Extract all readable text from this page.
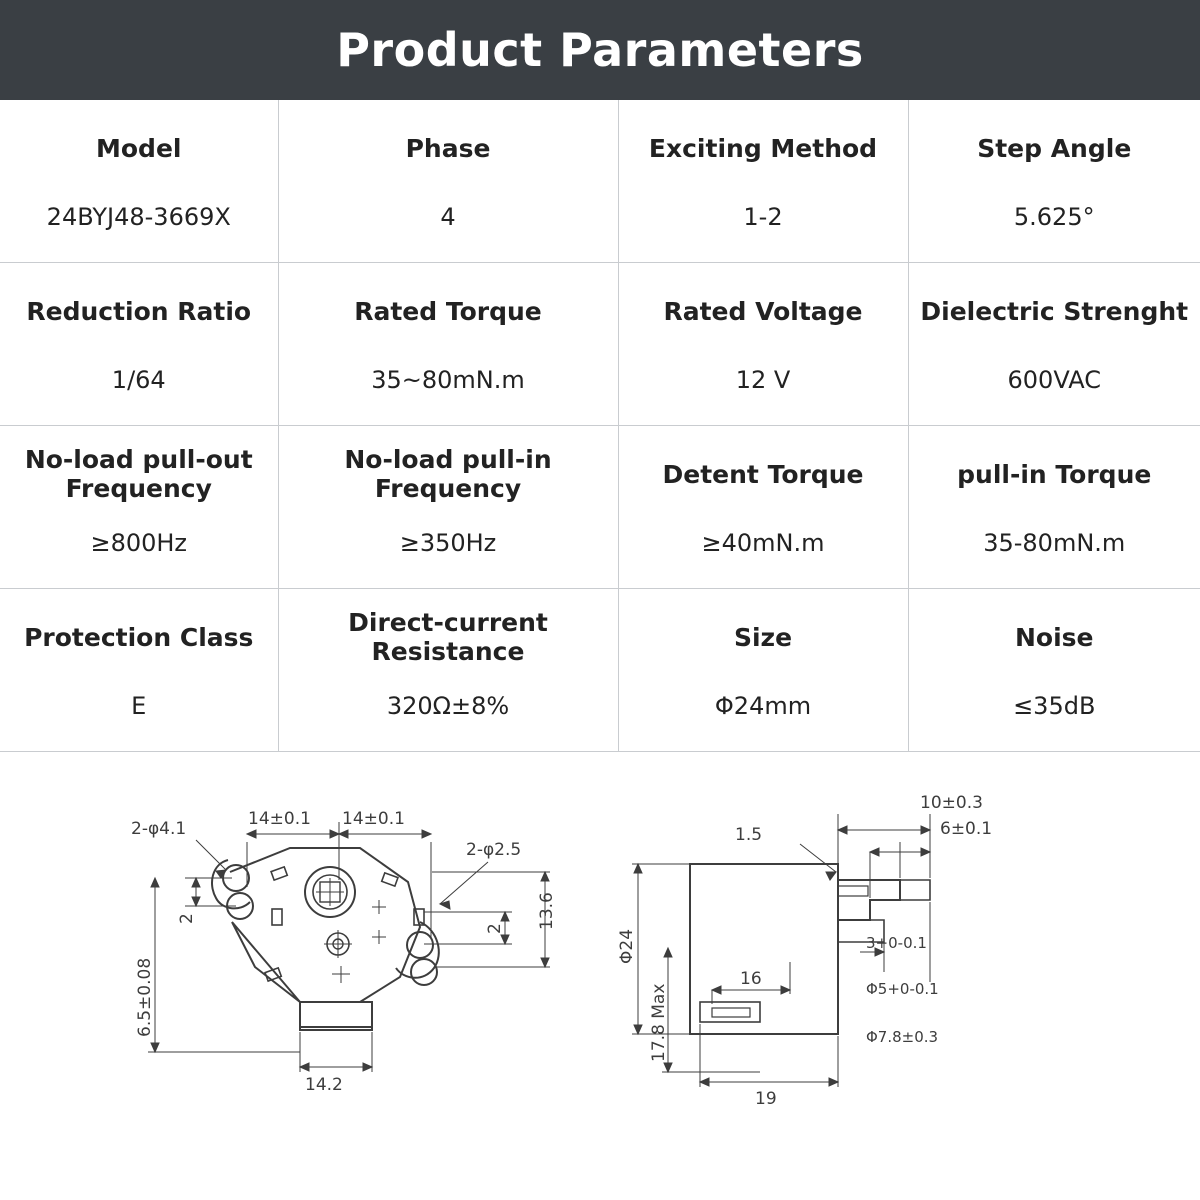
Product Parameters
Model	Phase	Exciting Method	Step Angle
24BYJ48-3669X	4	1-2	5.625°
Reduction Ratio	Rated Torque	Rated Voltage	Dielectric Strenght
1/64	35~80mN.m	12 V	600VAC
No-load pull-out Frequency	No-load pull-in Frequency	Detent Torque	pull-in Torque
≥800Hz	≥350Hz	≥40mN.m	35-80mN.m
Protection Class	Direct-current Resistance	Size	Noise
E	320Ω±8%	Φ24mm	≤35dB
14±0.1 14±0.1
2-φ4.1
2-φ2.5
13.6
2
2
6.5±0.08
14.2
10±0.3
6±0.1
1.5
Φ24
17.8 Max
16
19
3+0-0.1
Φ5+0-0.1
Φ7.8±0.3
